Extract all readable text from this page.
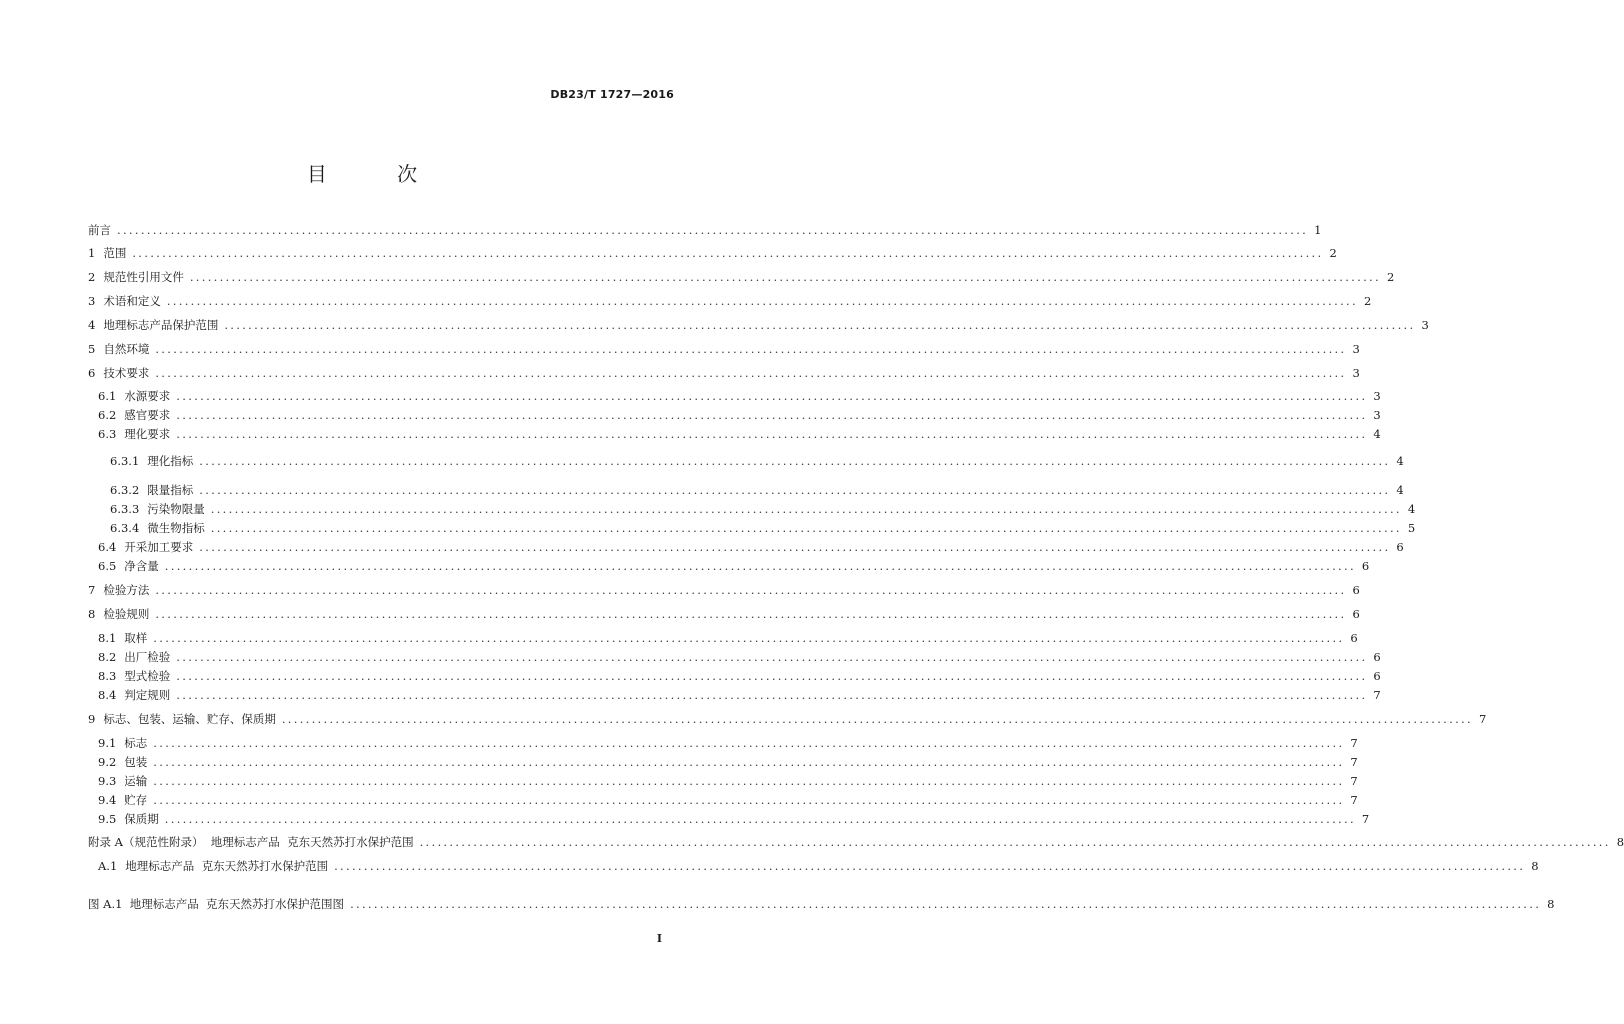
DB23/T 1727—2016
目 次
前言 ........................................................................................................................................................................................................ 1
1 范围 ........................................................................................................................................................................................................ 2
2 规范性引用文件 ........................................................................................................................................................................................................ 2
3 术语和定义 ........................................................................................................................................................................................................ 2
4 地理标志产品保护范围 ........................................................................................................................................................................................................ 3
5 自然环境 ........................................................................................................................................................................................................ 3
6 技术要求 ........................................................................................................................................................................................................ 3
6.1 水源要求 ........................................................................................................................................................................................................ 3
6.2 感官要求 ........................................................................................................................................................................................................ 3
6.3 理化要求 ........................................................................................................................................................................................................ 4
6.3.1 理化指标 ........................................................................................................................................................................................................ 4
6.3.2 限量指标 ........................................................................................................................................................................................................ 4
6.3.3 污染物限量 ........................................................................................................................................................................................................ 4
6.3.4 微生物指标 ........................................................................................................................................................................................................ 5
6.4 开采加工要求 ........................................................................................................................................................................................................ 6
6.5 净含量 ........................................................................................................................................................................................................ 6
7 检验方法 ........................................................................................................................................................................................................ 6
8 检验规则 ........................................................................................................................................................................................................ 6
8.1 取样 ........................................................................................................................................................................................................ 6
8.2 出厂检验 ........................................................................................................................................................................................................ 6
8.3 型式检验 ........................................................................................................................................................................................................ 6
8.4 判定规则 ........................................................................................................................................................................................................ 7
9 标志、包装、运输、贮存、保质期 ........................................................................................................................................................................................................ 7
9.1 标志 ........................................................................................................................................................................................................ 7
9.2 包装 ........................................................................................................................................................................................................ 7
9.3 运输 ........................................................................................................................................................................................................ 7
9.4 贮存 ........................................................................................................................................................................................................ 7
9.5 保质期 ........................................................................................................................................................................................................ 7
附录 A（规范性附录）  地理标志产品  克东天然苏打水保护范围 ........................................................................................................................................................................................................ 8
A.1 地理标志产品  克东天然苏打水保护范围 ........................................................................................................................................................................................................ 8
图 A.1  地理标志产品  克东天然苏打水保护范围图 ........................................................................................................................................................................................................ 8
I
